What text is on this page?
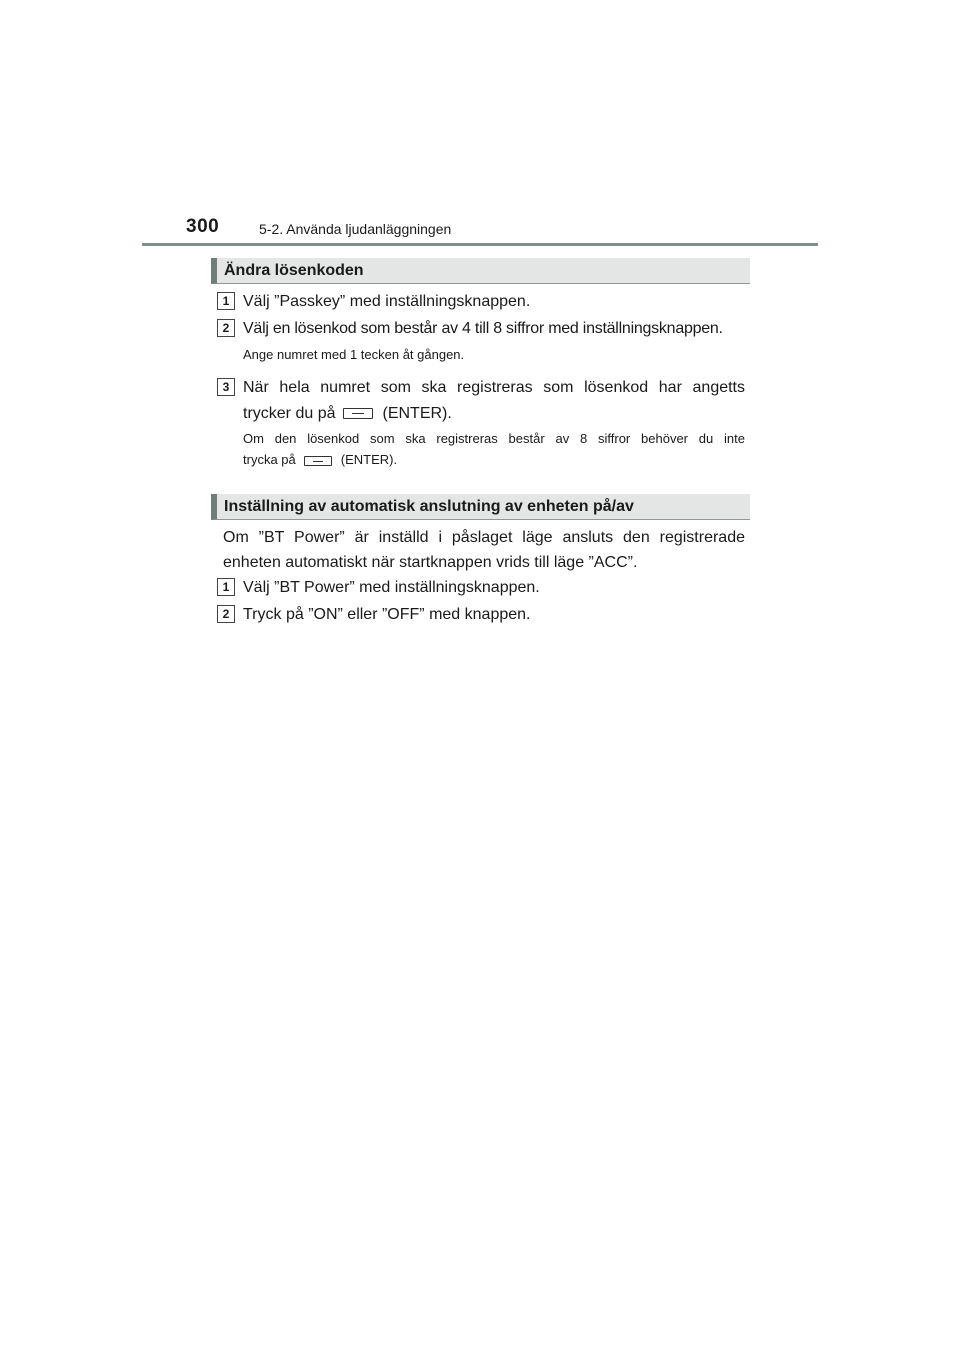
300	5-2. Använda ljudanläggningen
Ändra lösenkoden
1 Välj ”Passkey” med inställningsknappen.
2 Välj en lösenkod som består av 4 till 8 siffror med inställningsknappen.
Ange numret med 1 tecken åt gången.
3 När hela numret som ska registreras som lösenkod har angetts
trycker du på	(ENTER).
Om den lösenkod som ska registreras består av 8 siffror behöver du inte
trycka på	(ENTER).
Inställning av automatisk anslutning av enheten på/av
Om ”BT Power” är inställd i påslaget läge ansluts den registrerade
enheten automatiskt när startknappen vrids till läge ”ACC”.
1 Välj ”BT Power” med inställningsknappen.
2 Tryck på ”ON” eller ”OFF” med knappen.
